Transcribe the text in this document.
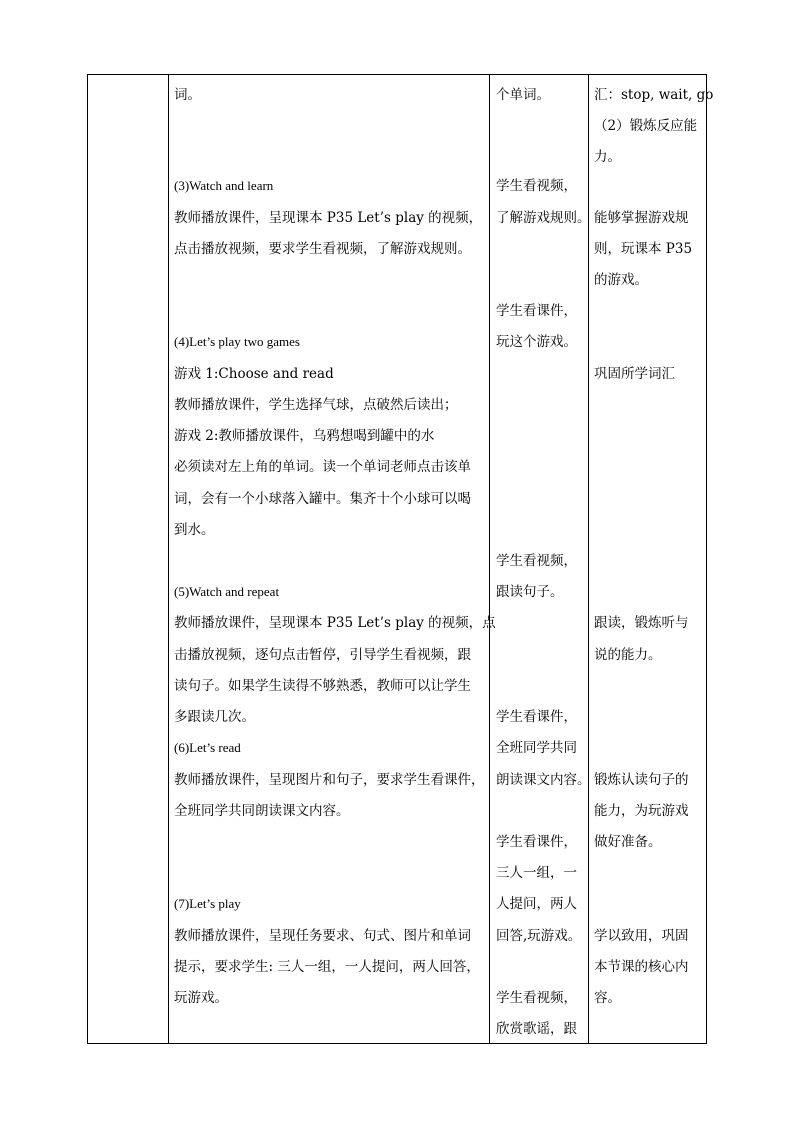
词。
(3)Watch and learn
教师播放课件，呈现课本 P35 Let’s play 的视频，
点击播放视频，要求学生看视频，了解游戏规则。
(4)Let’s play two games
游戏 1:Choose and read
教师播放课件，学生选择气球，点破然后读出；
游戏 2:教师播放课件，乌鸦想喝到罐中的水
必须读对左上角的单词。读一个单词老师点击该单
词，会有一个小球落入罐中。集齐十个小球可以喝
到水。
(5)Watch and repeat
教师播放课件，呈现课本 P35 Let’s play 的视频，点
击播放视频，逐句点击暂停，引导学生看视频，跟
读句子。如果学生读得不够熟悉，教师可以让学生
多跟读几次。
(6)Let’s read
教师播放课件，呈现图片和句子，要求学生看课件，
全班同学共同朗读课文内容。
(7)Let’s play
教师播放课件，呈现任务要求、句式、图片和单词
提示，要求学生: 三人一组，一人提问，两人回答，
玩游戏。
个单词。
学生看视频，
了解游戏规则。
学生看课件，
玩这个游戏。
学生看视频，
跟读句子。
学生看课件，
全班同学共同
朗读课文内容。
学生看课件，
三人一组，一
人提问，两人
回答,玩游戏。
学生看视频，
欣赏歌谣，跟
汇：stop, wait, go
（2）锻炼反应能
力。
能够掌握游戏规
则，玩课本 P35
的游戏。
巩固所学词汇
跟读，锻炼听与
说的能力。
锻炼认读句子的
能力，为玩游戏
做好准备。
学以致用，巩固
本节课的核心内
容。
